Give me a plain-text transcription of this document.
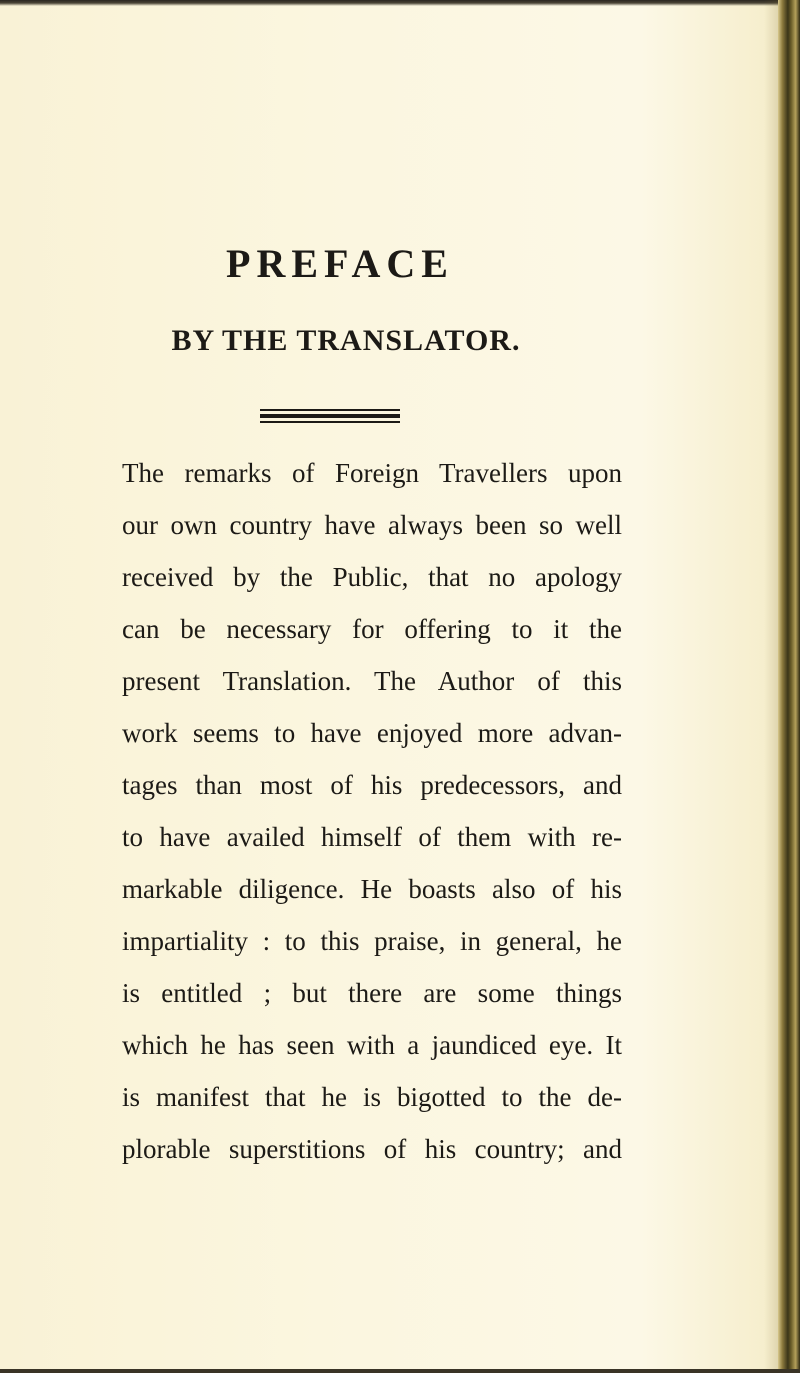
PREFACE
BY THE TRANSLATOR.
The remarks of Foreign Travellers upon
our own country have always been so well
received by the Public, that no apology
can be necessary for offering to it the
present Translation. The Author of this
work seems to have enjoyed more advan-
tages than most of his predecessors, and
to have availed himself of them with re-
markable diligence. He boasts also of his
impartiality : to this praise, in general, he
is entitled ; but there are some things
which he has seen with a jaundiced eye. It
is manifest that he is bigotted to the de-
plorable superstitions of his country; and
